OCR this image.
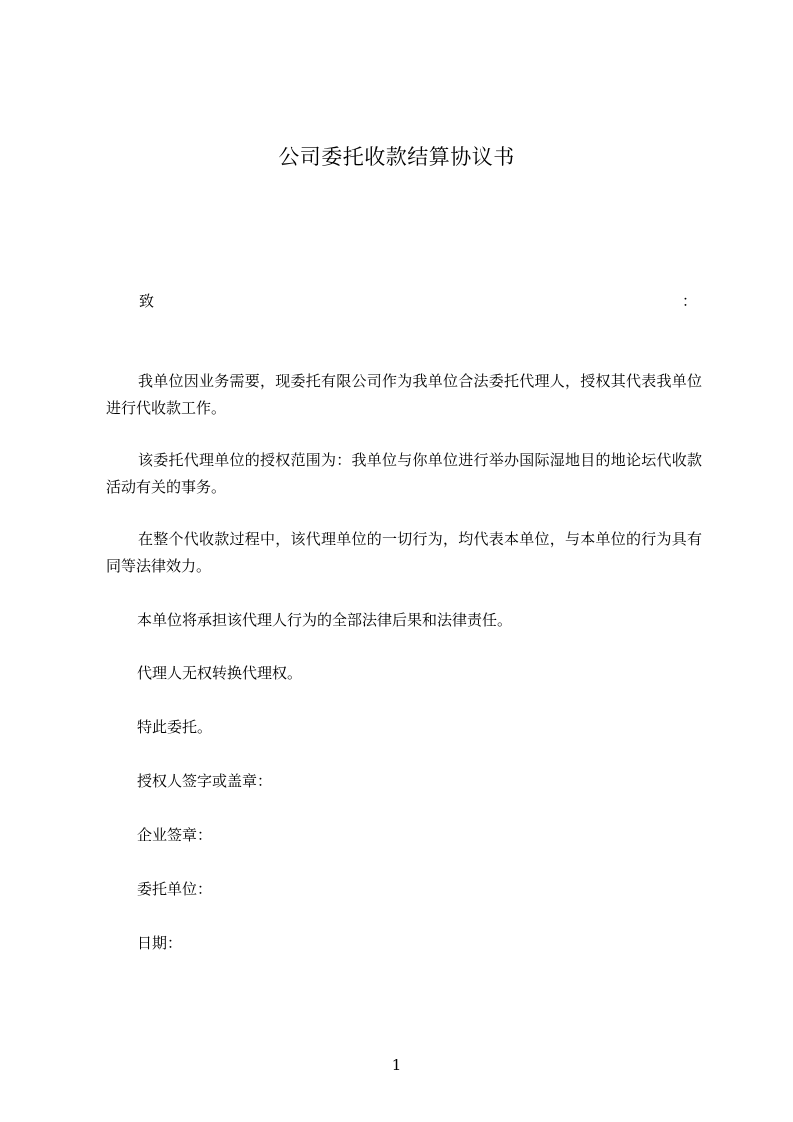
公司委托收款结算协议书
致	：

我单位因业务需要，现委托有限公司作为我单位合法委托代理人，授权其代表我单位进行代收款工作。

该委托代理单位的授权范围为：我单位与你单位进行举办国际湿地目的地论坛代收款活动有关的事务。

在整个代收款过程中，该代理单位的一切行为，均代表本单位，与本单位的行为具有同等法律效力。

本单位将承担该代理人行为的全部法律后果和法律责任。
代理人无权转换代理权。
特此委托。
授权人签字或盖章：
企业签章：
委托单位：
日期：
1
